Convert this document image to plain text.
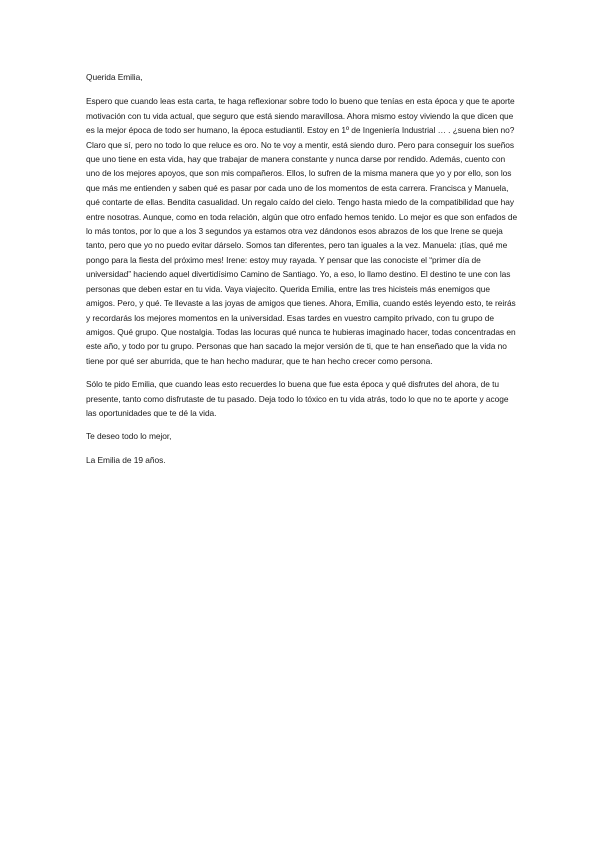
Querida Emilia,

Espero que cuando leas esta carta, te haga reflexionar sobre todo lo bueno que tenías en esta época y que te aporte motivación con tu vida actual, que seguro que está siendo maravillosa. Ahora mismo estoy viviendo la que dicen que es la mejor época de todo ser humano, la época estudiantil. Estoy en 1º de Ingeniería Industrial … . ¿suena bien no? Claro que sí, pero no todo lo que reluce es oro. No te voy a mentir, está siendo duro. Pero para conseguir los sueños que uno tiene en esta vida, hay que trabajar de manera constante y nunca darse por rendido. Además, cuento con uno de los mejores apoyos, que son mis compañeros. Ellos, lo sufren de la misma manera que yo y por ello, son los que más me entienden y saben qué es pasar por cada uno de los momentos de esta carrera. Francisca y Manuela, qué contarte de ellas. Bendita casualidad. Un regalo caído del cielo. Tengo hasta miedo de la compatibilidad que hay entre nosotras. Aunque, como en toda relación, algún que otro enfado hemos tenido. Lo mejor es que son enfados de lo más tontos, por lo que a los 3 segundos ya estamos otra vez dándonos esos abrazos de los que Irene se queja tanto, pero que yo no puedo evitar dárselo. Somos tan diferentes, pero tan iguales a la vez. Manuela: ¡tías, qué me pongo para la fiesta del próximo mes! Irene: estoy muy rayada. Y pensar que las conociste el “primer día de universidad” haciendo aquel divertidísimo Camino de Santiago. Yo, a eso, lo llamo destino. El destino te une con las personas que deben estar en tu vida. Vaya viajecito. Querida Emilia, entre las tres hicisteis más enemigos que amigos. Pero, y qué. Te llevaste a las joyas de amigos que tienes. Ahora, Emilia, cuando estés leyendo esto, te reirás y recordarás los mejores momentos en la universidad. Esas tardes en vuestro campito privado, con tu grupo de amigos. Qué grupo. Que nostalgia. Todas las locuras qué nunca te hubieras imaginado hacer, todas concentradas en este año, y todo por tu grupo. Personas que han sacado la mejor versión de ti, que te han enseñado que la vida no tiene por qué ser aburrida, que te han hecho madurar, que te han hecho crecer como persona.

Sólo te pido Emilia, que cuando leas esto recuerdes lo buena que fue esta época y qué disfrutes del ahora, de tu presente, tanto como disfrutaste de tu pasado. Deja todo lo tóxico en tu vida atrás, todo lo que no te aporte y acoge las oportunidades que te dé la vida.

Te deseo todo lo mejor,

La Emilia de 19 años.
